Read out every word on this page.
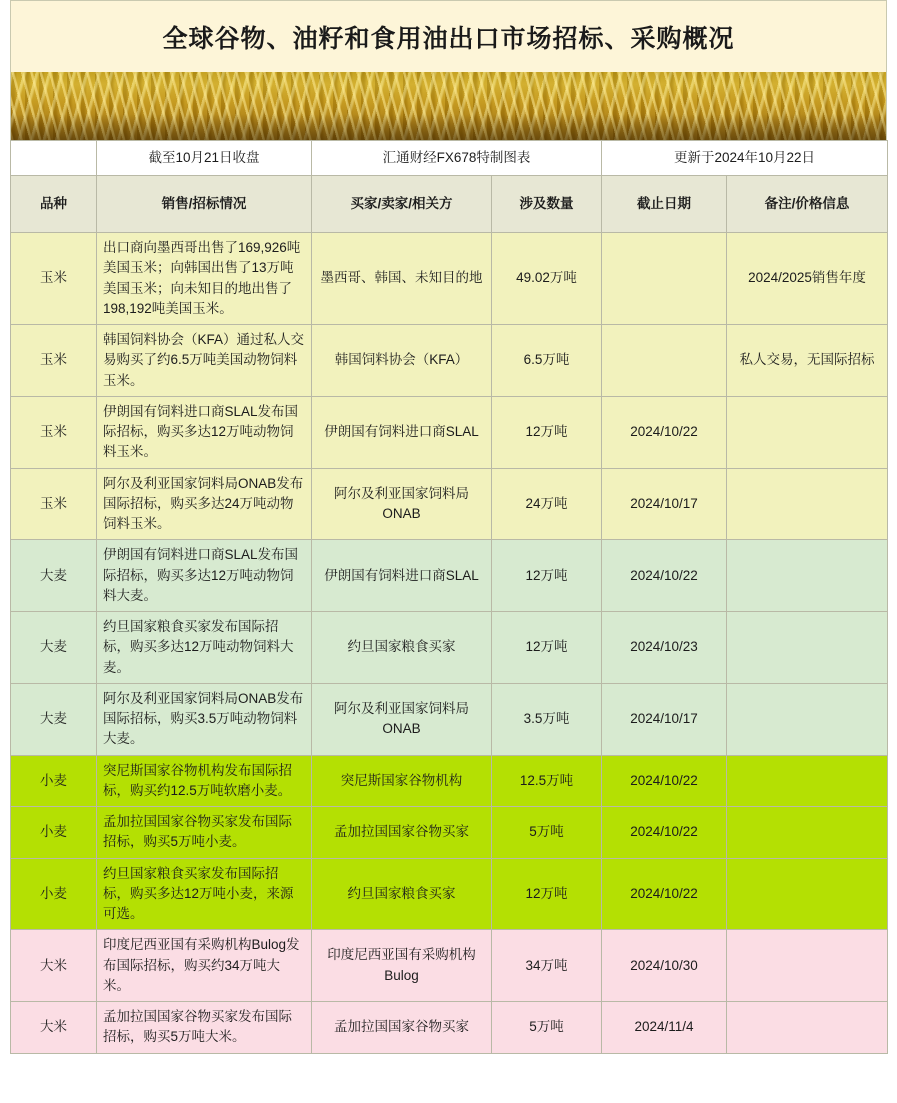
全球谷物、油籽和食用油出口市场招标、采购概况
	截至10月21日收盘	汇通财经FX678特制图表		更新于2024年10月22日	
品种	销售/招标情况	买家/卖家/相关方	涉及数量	截止日期	备注/价格信息
玉米	出口商向墨西哥出售了169,926吨美国玉米；向韩国出售了13万吨美国玉米；向未知目的地出售了198,192吨美国玉米。	墨西哥、韩国、未知目的地	49.02万吨		2024/2025销售年度
玉米	韩国饲料协会（KFA）通过私人交易购买了约6.5万吨美国动物饲料玉米。	韩国饲料协会（KFA）	6.5万吨		私人交易，无国际招标
玉米	伊朗国有饲料进口商SLAL发布国际招标，购买多达12万吨动物饲料玉米。	伊朗国有饲料进口商SLAL	12万吨	2024/10/22	
玉米	阿尔及利亚国家饲料局ONAB发布国际招标，购买多达24万吨动物饲料玉米。	阿尔及利亚国家饲料局ONAB	24万吨	2024/10/17	
大麦	伊朗国有饲料进口商SLAL发布国际招标，购买多达12万吨动物饲料大麦。	伊朗国有饲料进口商SLAL	12万吨	2024/10/22	
大麦	约旦国家粮食买家发布国际招标，购买多达12万吨动物饲料大麦。	约旦国家粮食买家	12万吨	2024/10/23	
大麦	阿尔及利亚国家饲料局ONAB发布国际招标，购买3.5万吨动物饲料大麦。	阿尔及利亚国家饲料局ONAB	3.5万吨	2024/10/17	
小麦	突尼斯国家谷物机构发布国际招标，购买约12.5万吨软磨小麦。	突尼斯国家谷物机构	12.5万吨	2024/10/22	
小麦	孟加拉国国家谷物买家发布国际招标，购买5万吨小麦。	孟加拉国国家谷物买家	5万吨	2024/10/22	
小麦	约旦国家粮食买家发布国际招标，购买多达12万吨小麦，来源可选。	约旦国家粮食买家	12万吨	2024/10/22	
大米	印度尼西亚国有采购机构Bulog发布国际招标，购买约34万吨大米。	印度尼西亚国有采购机构Bulog	34万吨	2024/10/30	
大米	孟加拉国国家谷物买家发布国际招标，购买5万吨大米。	孟加拉国国家谷物买家	5万吨	2024/11/4	
